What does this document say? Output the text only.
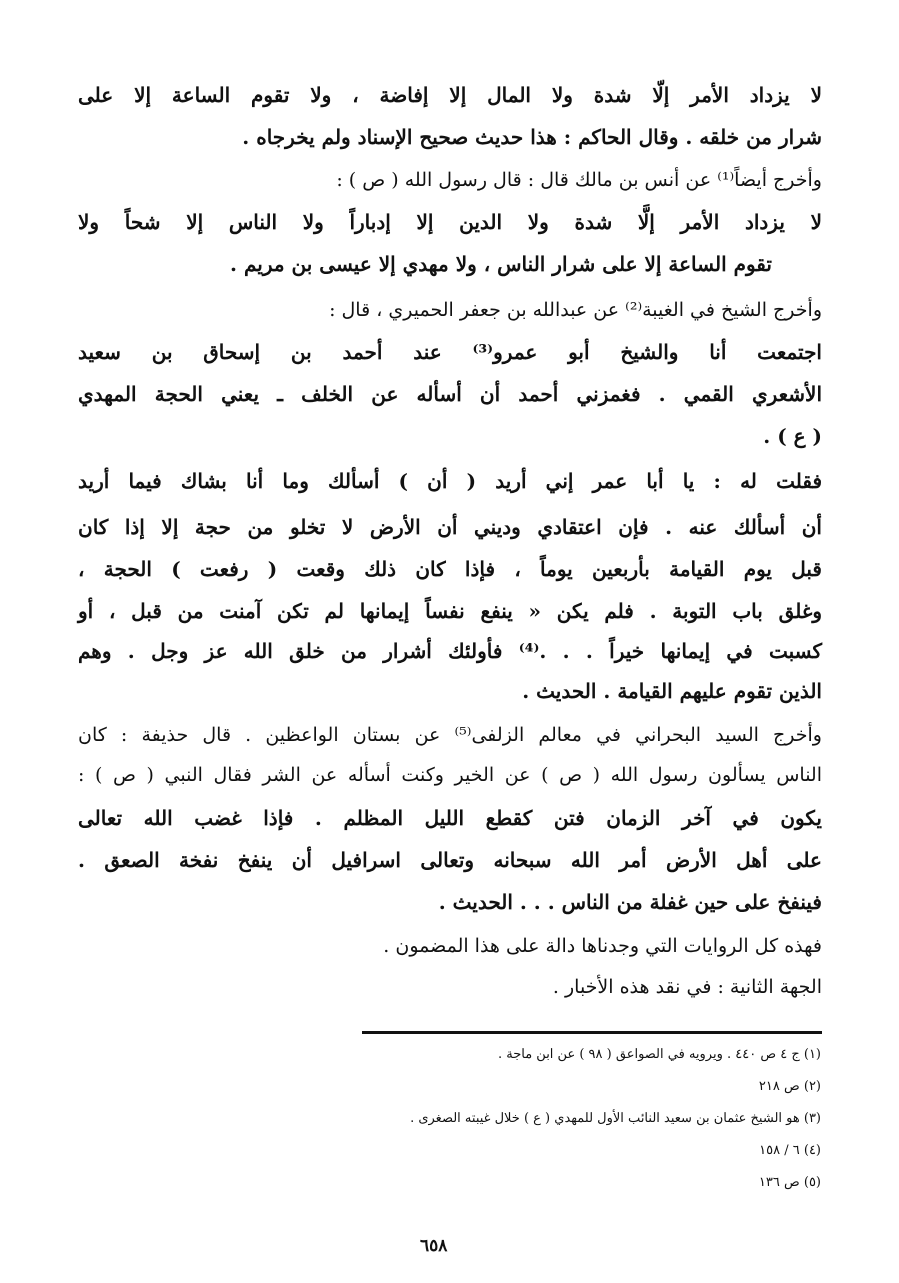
لا يزداد الأمر إلّا شدة ولا المال إلا إفاضة ، ولا تقوم الساعة إلا على
شرار من خلقه . وقال الحاكم : هذا حديث صحيح الإسناد ولم يخرجاه .
وأخرج أيضاً⁽¹⁾ عن أنس بن مالك قال : قال رسول الله ( ص ) :
لا يزداد الأمر إلَّا شدة ولا الدين إلا إدباراً ولا الناس إلا شحاً ولا
تقوم الساعة إلا على شرار الناس ، ولا مهدي إلا عيسى بن مريم .
وأخرج الشيخ في الغيبة⁽²⁾ عن عبدالله بن جعفر الحميري ، قال :
اجتمعت أنا والشيخ أبو عمرو⁽³⁾ عند أحمد بن إسحاق بن سعيد
الأشعري القمي . فغمزني أحمد أن أسأله عن الخلف ـ يعني الحجة المهدي
( ع ) .
فقلت له : يا أبا عمر إني أريد ( أن ) أسألك وما أنا بشاك فيما أريد
أن أسألك عنه . فإن اعتقادي وديني أن الأرض لا تخلو من حجة إلا إذا كان
قبل يوم القيامة بأربعين يوماً ، فإذا كان ذلك وقعت ( رفعت ) الحجة ،
وغلق باب التوبة . فلم يكن « ينفع نفساً إيمانها لم تكن آمنت من قبل ، أو
كسبت في إيمانها خيراً . . .⁽⁴⁾ فأولئك أشرار من خلق الله عز وجل . وهم
الذين تقوم عليهم القيامة . الحديث .
وأخرج السيد البحراني في معالم الزلفى⁽⁵⁾ عن بستان الواعظين . قال حذيفة : كان
الناس يسألون رسول الله ( ص ) عن الخير وكنت أسأله عن الشر فقال النبي ( ص ) :
يكون في آخر الزمان فتن كقطع الليل المظلم . فإذا غضب الله تعالى
على أهل الأرض أمر الله سبحانه وتعالى اسرافيل أن ينفخ نفخة الصعق .
فينفخ على حين غفلة من الناس . . . الحديث .
فهذه كل الروايات التي وجدناها دالة على هذا المضمون .
الجهة الثانية : في نقد هذه الأخبار .
(١) ج ٤ ص ٤٤٠ . ويرويه في الصواعق ( ٩٨ ) عن ابن ماجة .
(٢) ص ٢١٨
(٣) هو الشيخ عثمان بن سعيد النائب الأول للمهدي ( ع ) خلال غيبته الصغرى .
(٤) ٦ / ١٥٨
(٥) ص ١٣٦
٦٥٨
